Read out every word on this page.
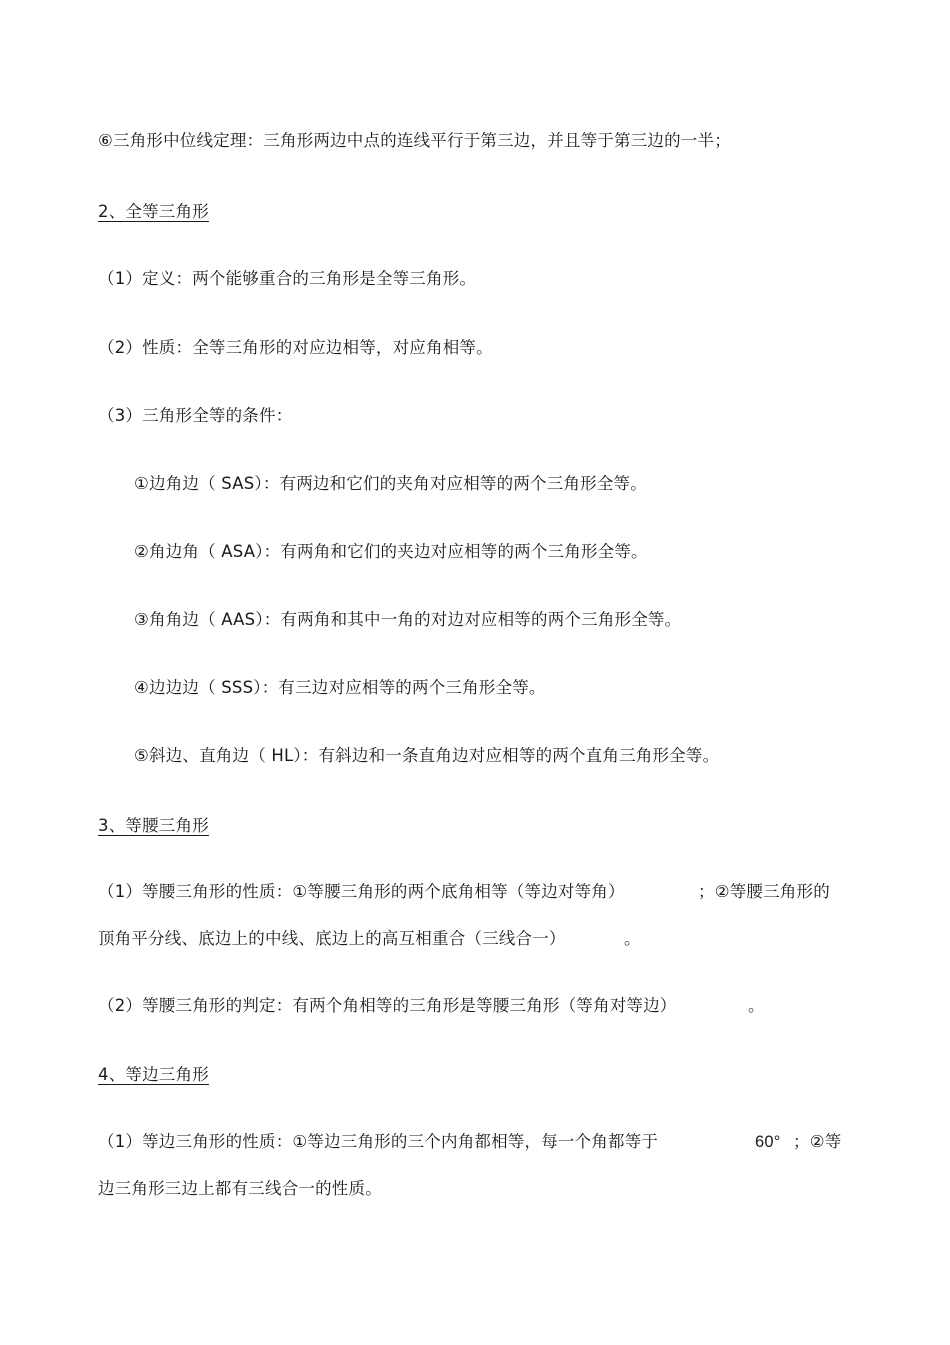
⑥三角形中位线定理：三角形两边中点的连线平行于第三边，并且等于第三边的一半；
2、全等三角形
（1）定义：两个能够重合的三角形是全等三角形。
（2）性质：全等三角形的对应边相等，对应角相等。
（3）三角形全等的条件：
①边角边（ SAS）：有两边和它们的夹角对应相等的两个三角形全等。
②角边角（ ASA）：有两角和它们的夹边对应相等的两个三角形全等。
③角角边（ AAS）：有两角和其中一角的对边对应相等的两个三角形全等。
④边边边（ SSS）：有三边对应相等的两个三角形全等。
⑤斜边、直角边（ HL）：有斜边和一条直角边对应相等的两个直角三角形全等。
3、等腰三角形
（1）等腰三角形的性质：①等腰三角形的两个底角相等（等边对等角）	；②等腰三角形的
顶角平分线、底边上的中线、底边上的高互相重合（三线合一）	。
（2）等腰三角形的判定：有两个角相等的三角形是等腰三角形（等角对等边）	。
4、等边三角形
（1）等边三角形的性质：①等边三角形的三个内角都相等，每一个角都等于	60° ；②等
边三角形三边上都有三线合一的性质。
